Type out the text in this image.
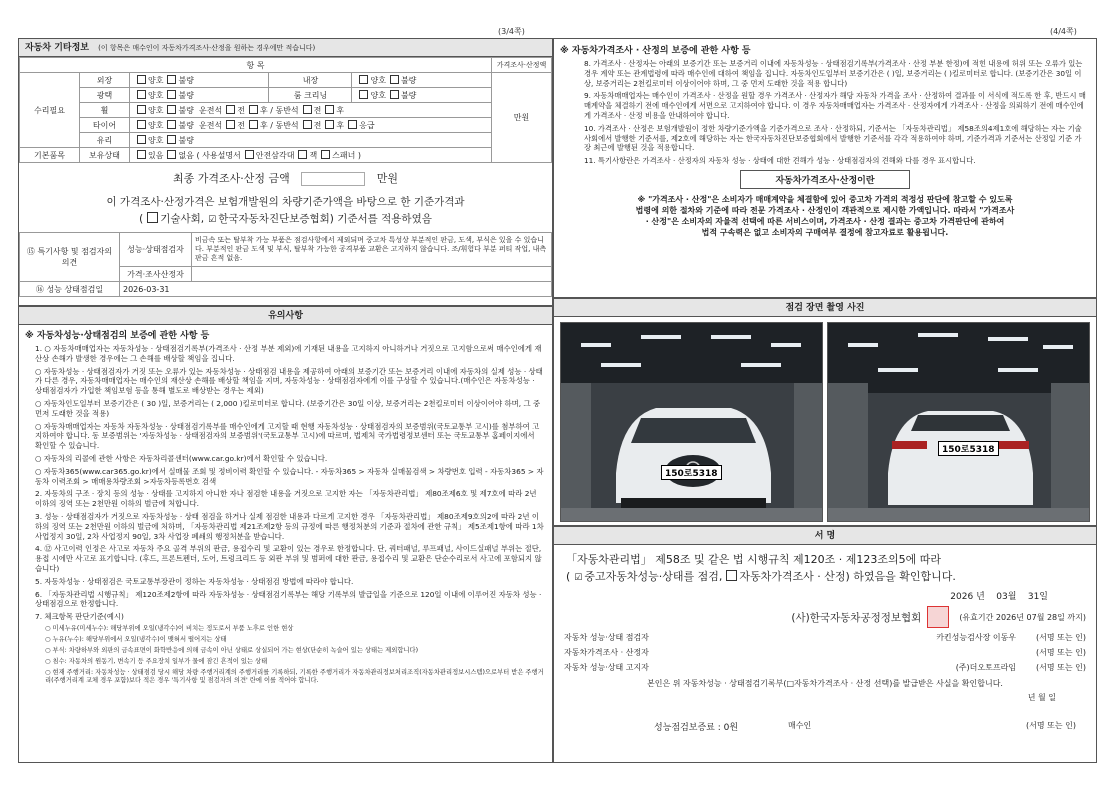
(3/4쪽)	(4/4쪽)
자동차 기타정보 (이 항목은 매수인이 자동차가격조사·산정을 원하는 경우에만 적습니다)
항 목					가격조사·산정액
수리필요	외장	양호 불량	내장	양호 불량	만원
	광택	양호 불량	룸 크리닝	양호 불량	
	휠	양호 불량 운전석 전 후 / 동반석 전 후			
	타이어	양호 불량 운전석 전 후 / 동반석 전 후 응급			
	유리	양호 불량			
기본품목	보유상태	있음 없음 ( 사용설명서 안전삼각대 잭 스패너 )			
최종 가격조사·산정 금액	만원
이 가격조사·산정가격은 보험개발원의 차량기준가액을 바탕으로 한 기준가격과
( 기술사회, ☑ 한국자동차진단보증협회) 기준서를 적용하였음
⑮ 특기사항 및 점검자의 의견	성능·상태점검자	비금속 또는 탈부착 가능 부품은 점검사항에서 제외되며 중고차 특성상 부분적인 판금, 도색, 부식은 있을 수 있습니다. 부분적인 판금 도색 및 부식, 탈부착 가능한 공격부품 교환은 고지하지 않습니다. 조/휘험다 부분 퍼티 작업, 내측 판금 흔적 없음.
	가격·조사산정자	
⑯ 성능 상태점검일	2026-03-31	
유의사항
※ 자동차성능·상태점검의 보증에 관한 사항 등

1. ○ 자동차매매업자는 자동차성능 · 상태점검기록부(가격조사 · 산정 부분 제외)에 기재된 내용을 고지하지 아니하거나 거짓으로 고지함으로써 매수인에게 재산상 손해가 발생한 경우에는 그 손해를 배상할 책임을 집니다.

○ 자동차성능 · 상태점검자가 거짓 또는 오류가 있는 자동차성능 · 상태점검 내용을 제공하여 아래의 보증기간 또는 보증거리 이내에 자동차의 실제 성능 · 상태가 다른 경우, 자동차매매업자는 매수인의 재산상 손해를 배상할 책임을 지며, 자동차성능 · 상태점검자에게 이를 구상할 수 있습니다.(매수인은 자동차성능 · 상태점검자가 가입한 책임보험 등을 통해 별도로 배상받는 경우는 제외)

○ 자동차인도일부터 보증기간은 ( 30 )일, 보증거리는 ( 2,000 )킬로미터로 합니다. (보증기간은 30일 이상, 보증거리는 2천킬로미터 이상이어야 하며, 그 중 먼저 도래한 것을 적용)

○ 자동차매매업자는 자동차 자동차성능 · 상태점검기록부를 매수인에게 고지할 때 현행 자동차성능 · 상태점검자의 보증범위(국토교통부 고시)를 첨부하여 고지하여야 합니다. 동 보증범위는 '자동차성능 · 상태점검자의 보증범위'(국토교통부 고시)에 따르며, 법제처 국가법령정보센터 또는 국토교통부 홈페이지에서 확인할 수 있습니다.

○ 자동차의 리콜에 관한 사항은 자동차리콜센터(www.car.go.kr)에서 확인할 수 있습니다.

○ 자동차365(www.car365.go.kr)에서 실매물 조회 및 정비이력 확인할 수 있습니다. - 자동차365 > 자동차 실매물검색 > 차량번호 입력 - 자동차365 > 자동차 이력조회 > 매매용차량조회 >자동차등록번호 검색

2. 자동차의 구조 · 장치 등의 성능 · 상태를 고지하지 아니한 자나 점검한 내용을 거짓으로 고지한 자는 「자동차관리법」 제80조제6호 및 제7호에 따라 2년 이하의 징역 또는 2천만원 이하의 벌금에 처합니다.

3. 성능 · 상태점검자가 거짓으로 자동차성능 · 상태 점검을 하거나 실제 점검한 내용과 다르게 고지한 경우 「자동차관리법」 제80조제9호의2에 따라 2년 이하의 징역 또는 2천만원 이하의 벌금에 처하며, 「자동차관리법 제21조제2항 등의 규정에 따른 행정처분의 기준과 절차에 관한 규칙」 제5조제1항에 따라 1차 사업정지 30일, 2차 사업정지 90일, 3차 사업장 폐쇄의 행정처분을 받습니다.

4. ⑫ 사고이력 인정은 사고로 자동차 주요 골격 부위의 판금, 용접수리 및 교환이 있는 경우로 한정합니다. 단, 쿼터패널, 루프패널, 사이드실패널 부위는 절단, 용접 시에만 사고로 표기합니다. (후드, 프론트펜더, 도어, 트렁크리드 등 외판 부위 및 범퍼에 대한 판금, 용접수리 및 교환은 단순수리로서 사고에 포함되지 않습니다)

5. 자동차성능 · 상태점검은 국토교통부장관이 정하는 자동차성능 · 상태점검 방법에 따라야 합니다.

6. 「자동차관리법 시행규칙」 제120조제2항에 따라 자동차성능 · 상태점검기록부는 해당 기록부의 발급일을 기준으로 120일 이내에 이루어진 자동차 성능 · 상태점검으로 한정합니다.

7. 체크항목 판단기준(예시)

○ 미세누유(미세누수): 해당부위에 오일(냉각수)이 비치는 정도로서 부품 노후로 인한 현상

○ 누유(누수): 해당부위에서 오일(냉각수)이 맺혀서 떨어지는 상태

○ 부식: 차량하부와 외판의 금속표면이 화학반응에 의해 금속이 아닌 상태로 상실되어 가는 현상(단순히 녹슬어 있는 상태는 제외합니다)

○ 침수: 자동차의 원동기, 변속기 등 주요장치 일부가 물에 잠긴 흔적이 있는 상태

○ 현재 주행거리: 자동차성능 · 상태점검 당시 해당 차량 주행거리계의 주행거리를 기록하되, 기록한 주행거리가 자동차관리정보처리조직(자동차관리정보시스템)으로부터 받은 주행거리(주행거리계 교체 경우 포함)보다 적은 경우 '특기사항 및 점검자의 의견' 란에 이를 적어야 합니다.

※ 자동차가격조사 · 산정의 보증에 관한 사항 등

8. 가격조사 · 산정자는 아래의 보증기간 또는 보증거리 이내에 자동차성능 · 상태점검기록부(가격조사 · 산정 부분 한정)에 적힌 내용에 허위 또는 오류가 있는 경우 계약 또는 관계법령에 따라 매수인에 대하여 책임을 집니다. 자동차인도일부터 보증기간은 ( )일, 보증거리는 ( )킬로미터로 합니다. (보증기간은 30일 이상, 보증거리는 2천킬로미터 이상이어야 하며, 그 중 먼저 도래한 것을 적용 합니다)

9. 자동차매매업자는 매수인이 가격조사 · 산정을 원할 경우 가격조사 · 산정자가 해당 자동차 가격을 조사 · 산정하여 결과를 이 서식에 적도록 한 후, 반드시 매매계약을 체결하기 전에 매수인에게 서면으로 고지하여야 합니다. 이 경우 자동차매매업자는 가격조사 · 산정자에게 가격조사 · 산정을 의뢰하기 전에 매수인에게 가격조사 · 산정 비용을 안내하여야 합니다.

10. 가격조사 · 산정은 보험개발원이 정한 차량기준가액을 기준가격으로 조사 · 산정하되, 기준서는 「자동차관리법」 제58조의4제1호에 해당하는 자는 기술사회에서 발행한 기준서를, 제2호에 해당하는 자는 한국자동차진단보증협회에서 발행한 기준서를 각각 적용하여야 하며, 기준가격과 기준서는 산정일 기준 가장 최근에 발행된 것을 적용합니다.

11. 특기사항란은 가격조사 · 산정자의 자동차 성능 · 상태에 대한 견해가 성능 · 상태점검자의 견해와 다를 경우 표시합니다.

자동차가격조사·산정이란
※ "가격조사 · 산정"은 소비자가 매매계약을 체결함에 있어 중고차 가격의 적정성 판단에 참고할 수 있도록
법령에 의한 절차와 기준에 따라 전문 가격조사 · 산정인이 객관적으로 제시한 가액입니다. 따라서 "가격조사
· 산정"은 소비자의 자율적 선택에 따른 서비스이며, 가격조사 · 산정 결과는 중고차 가격판단에 관하여
법적 구속력은 없고 소비자의 구매여부 결정에 참고자료로 활용됩니다.
점검 장면 촬영 사진
150로5318
150로5318
서 명
「자동차관리법」 제58조 및 같은 법 시행규칙 제120조 · 제123조의5에 따라
( ☑ 중고자동차성능·상태를 점검, 자동차가격조사 · 산정) 하였음을 확인합니다.
2026 년 03월 31일
(사)한국자동차공정정보협회	(유효기간 2026년 07월 28일 까지)
자동차 성능·상태 점검자	카킨성능검사장 이동우	(서명 또는 인)
자동차가격조사 · 산정자	(서명 또는 인)
자동차 성능·상태 고지자	(주)더오토프라임	(서명 또는 인)
본인은 위 자동차성능 · 상태점검기록부(□자동차가격조사 · 산정 선택)를 발급받은 사실을 확인합니다.
년 월 일
성능점검보증료 : 0원	매수인	(서명 또는 인)
